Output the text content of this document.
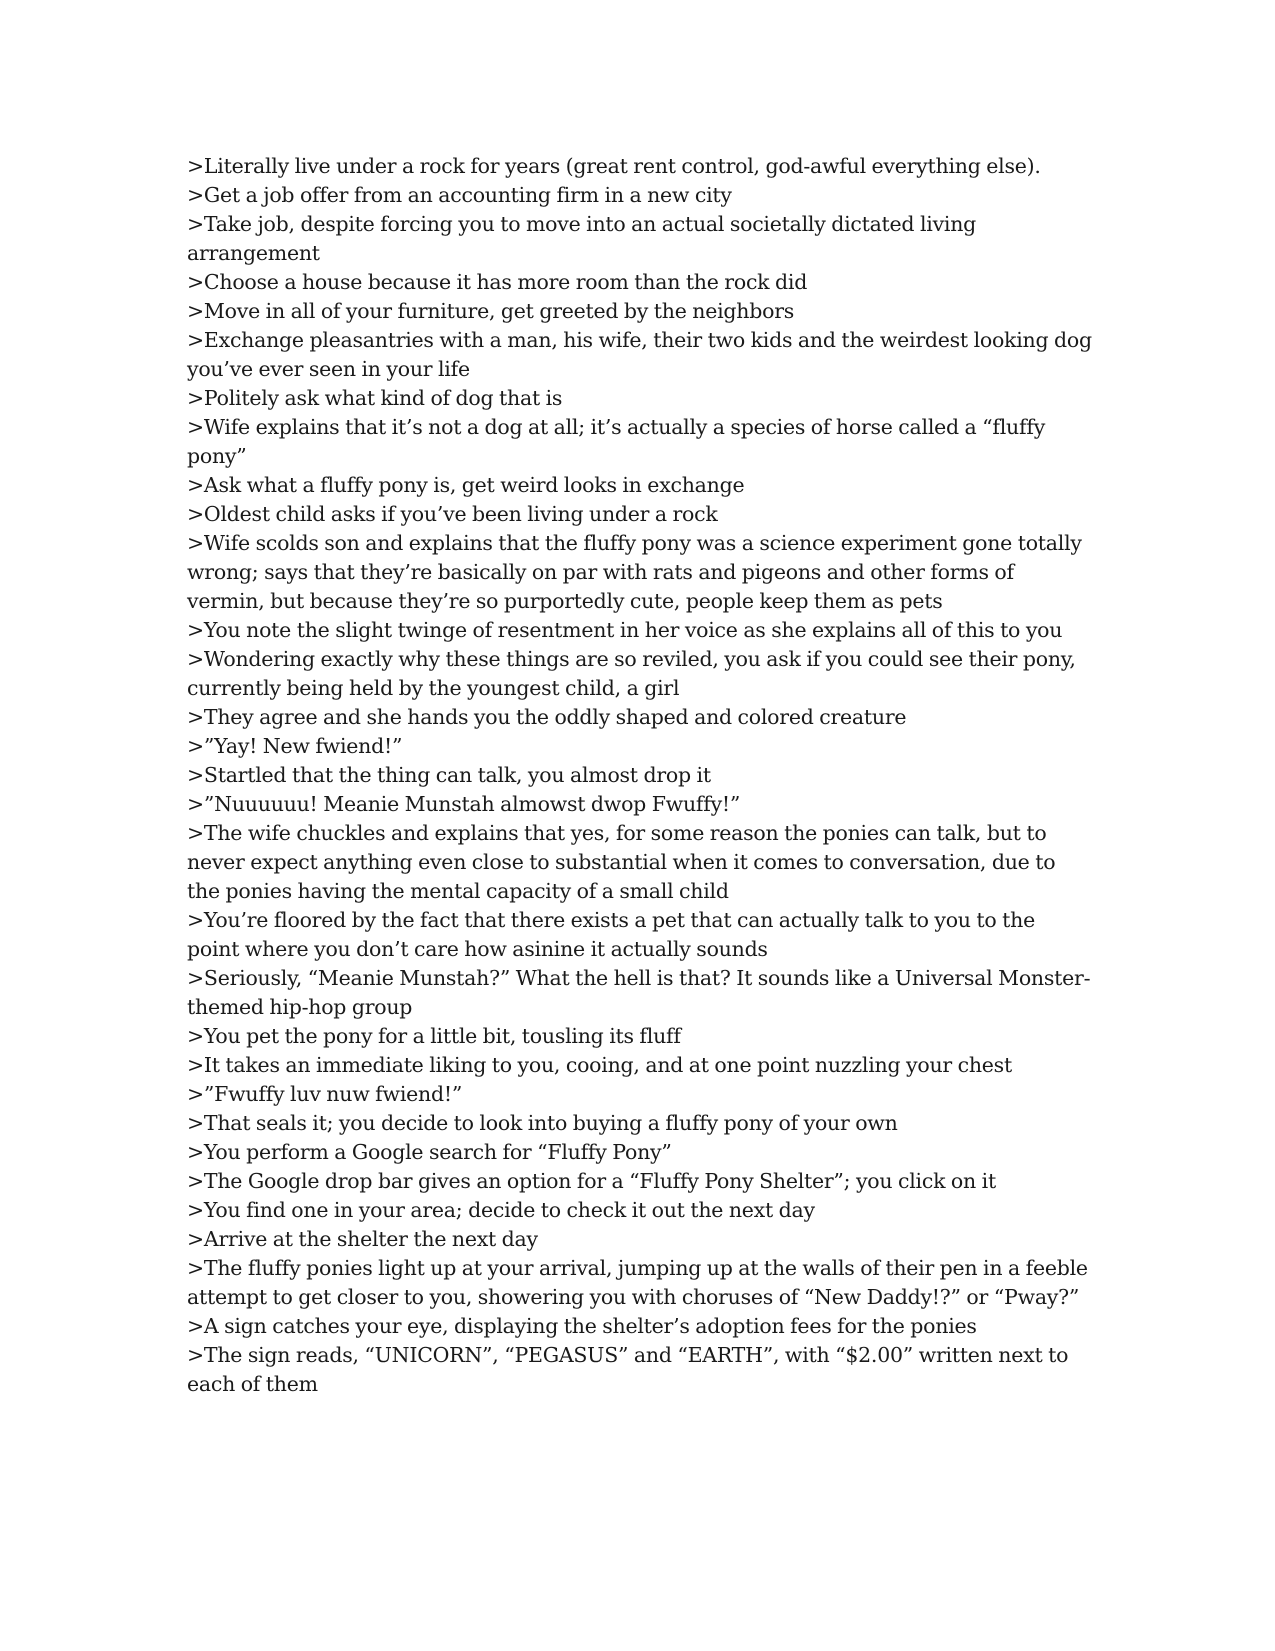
>Literally live under a rock for years (great rent control, god-awful everything else).

>Get a job offer from an accounting firm in a new city

>Take job, despite forcing you to move into an actual societally dictated living arrangement

>Choose a house because it has more room than the rock did

>Move in all of your furniture, get greeted by the neighbors

>Exchange pleasantries with a man, his wife, their two kids and the weirdest looking dog you’ve ever seen in your life

>Politely ask what kind of dog that is

>Wife explains that it’s not a dog at all; it’s actually a species of horse called a “fluffy pony”

>Ask what a fluffy pony is, get weird looks in exchange

>Oldest child asks if you’ve been living under a rock

>Wife scolds son and explains that the fluffy pony was a science experiment gone totally wrong; says that they’re basically on par with rats and pigeons and other forms of vermin, but because they’re so purportedly cute, people keep them as pets

>You note the slight twinge of resentment in her voice as she explains all of this to you

>Wondering exactly why these things are so reviled, you ask if you could see their pony, currently being held by the youngest child, a girl

>They agree and she hands you the oddly shaped and colored creature

>”Yay! New fwiend!”

>Startled that the thing can talk, you almost drop it

>”Nuuuuuu! Meanie Munstah almowst dwop Fwuffy!”

>The wife chuckles and explains that yes, for some reason the ponies can talk, but to never expect anything even close to substantial when it comes to conversation, due to the ponies having the mental capacity of a small child

>You’re floored by the fact that there exists a pet that can actually talk to you to the point where you don’t care how asinine it actually sounds

>Seriously, “Meanie Munstah?” What the hell is that? It sounds like a Universal Monster-themed hip-hop group

>You pet the pony for a little bit, tousling its fluff

>It takes an immediate liking to you, cooing, and at one point nuzzling your chest

>”Fwuffy luv nuw fwiend!”

>That seals it; you decide to look into buying a fluffy pony of your own

>You perform a Google search for “Fluffy Pony”

>The Google drop bar gives an option for a “Fluffy Pony Shelter”; you click on it

>You find one in your area; decide to check it out the next day

>Arrive at the shelter the next day

>The fluffy ponies light up at your arrival, jumping up at the walls of their pen in a feeble attempt to get closer to you, showering you with choruses of “New Daddy!?” or “Pway?”

>A sign catches your eye, displaying the shelter’s adoption fees for the ponies

>The sign reads, “UNICORN”, “PEGASUS” and “EARTH”, with “$2.00” written next to each of them
